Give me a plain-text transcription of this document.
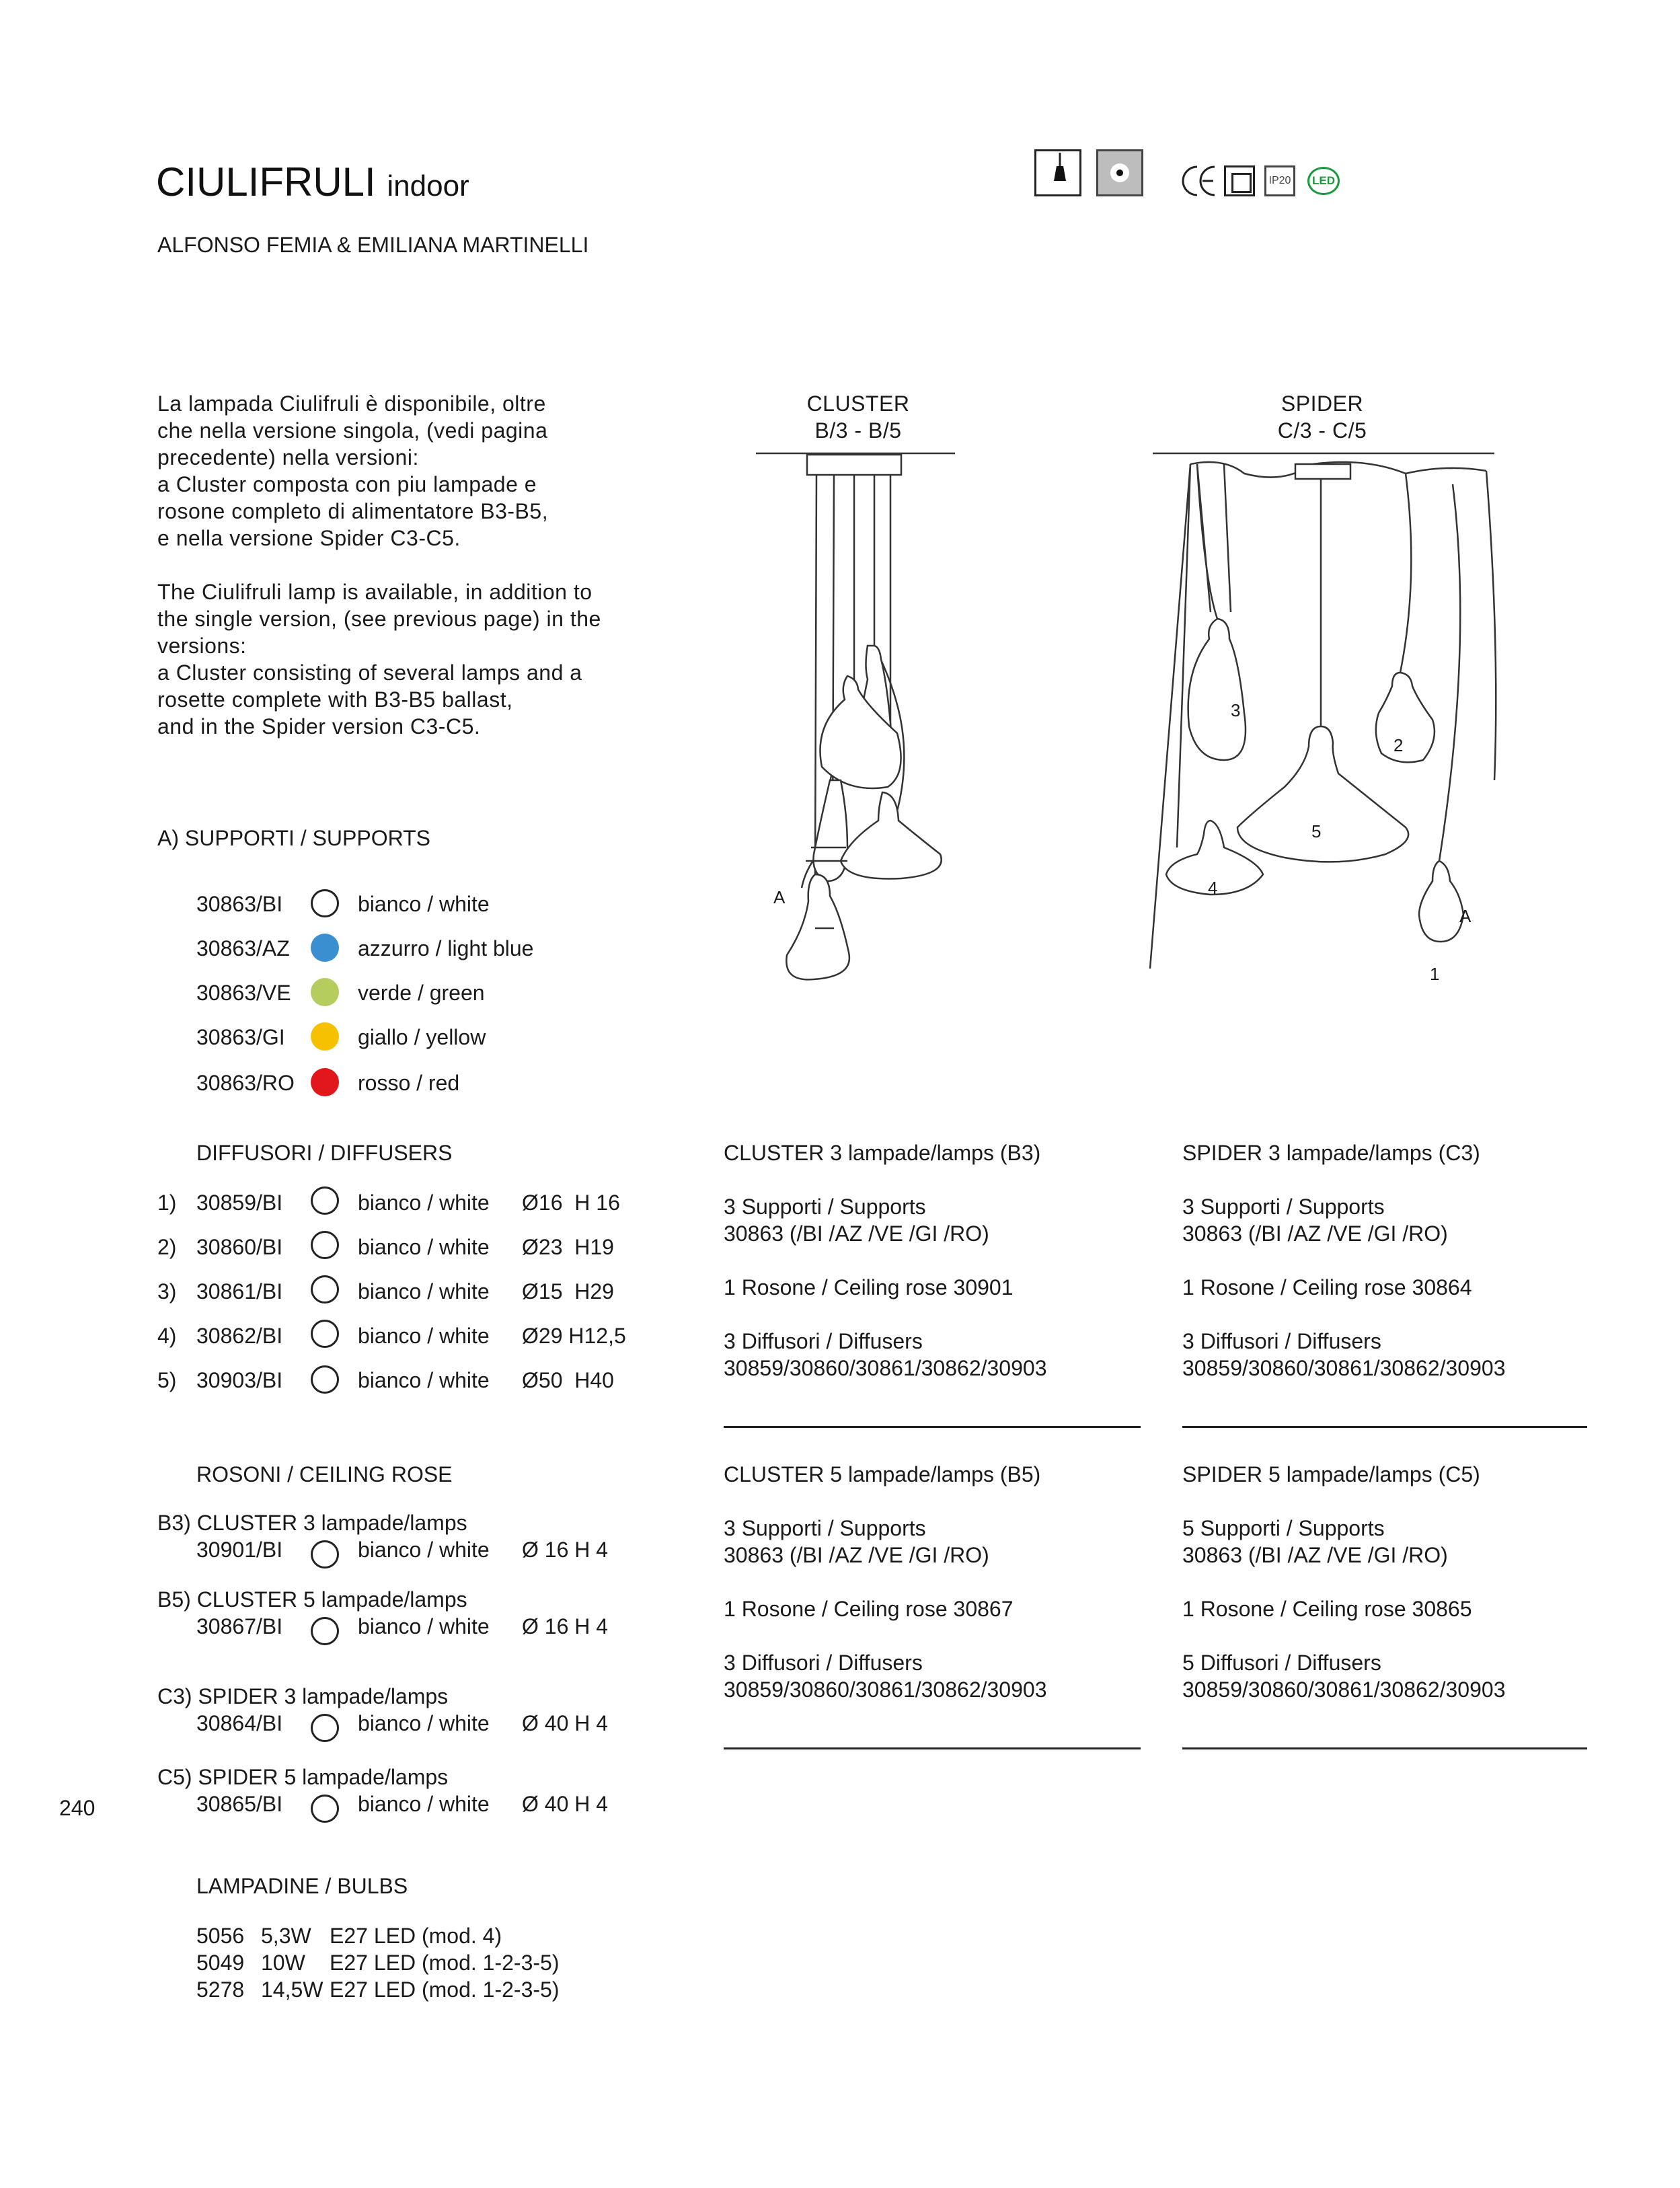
CIULIFRULI indoor
ALFONSO FEMIA & EMILIANA MARTINELLI
IP20	LED
La lampada Ciulifruli è disponibile, oltre
che nella versione singola, (vedi pagina
precedente) nella versioni:
a Cluster composta con piu lampade e
rosone completo di alimentatore B3-B5,
e nella versione Spider C3-C5.
The Ciulifruli lamp is available, in addition to
the single version, (see previous page) in the
versions:
a Cluster consisting of several lamps and a
rosette complete with B3-B5 ballast,
and in the Spider version C3-C5.
CLUSTER
B/3 - B/5
SPIDER
C/3 - C/5
A
3
2
5
4
1
A
A) SUPPORTI / SUPPORTS
30863/BI	bianco / white
30863/AZ	azzurro / light blue
30863/VE	verde / green
30863/GI	giallo / yellow
30863/RO	rosso / red
DIFFUSORI / DIFFUSERS
1) 30859/BI	bianco / white Ø16  H 16
2) 30860/BI	bianco / white Ø23  H19
3) 30861/BI	bianco / white Ø15  H29
4) 30862/BI	bianco / white Ø29 H12,5
5) 30903/BI	bianco / white Ø50  H40
ROSONI / CEILING ROSE
B3) CLUSTER 3 lampade/lamps
30901/BI	bianco / white Ø 16 H 4
B5) CLUSTER 5 lampade/lamps
30867/BI	bianco / white Ø 16 H 4
C3) SPIDER 3 lampade/lamps
30864/BI	bianco / white Ø 40 H 4
C5) SPIDER 5 lampade/lamps
30865/BI	bianco / white Ø 40 H 4
240
LAMPADINE / BULBS
5056 5,3W E27 LED (mod. 4)
5049 10W E27 LED (mod. 1-2-3-5)
5278 14,5W E27 LED (mod. 1-2-3-5)
CLUSTER 3 lampade/lamps (B3)
3 Supporti / Supports
30863 (/BI /AZ /VE /GI /RO)
1 Rosone / Ceiling rose 30901
3 Diffusori / Diffusers
30859/30860/30861/30862/30903
SPIDER 3 lampade/lamps (C3)
3 Supporti / Supports
30863 (/BI /AZ /VE /GI /RO)
1 Rosone / Ceiling rose 30864
3 Diffusori / Diffusers
30859/30860/30861/30862/30903
CLUSTER 5 lampade/lamps (B5)
3 Supporti / Supports
30863 (/BI /AZ /VE /GI /RO)
1 Rosone / Ceiling rose 30867
3 Diffusori / Diffusers
30859/30860/30861/30862/30903
SPIDER 5 lampade/lamps (C5)
5 Supporti / Supports
30863 (/BI /AZ /VE /GI /RO)
1 Rosone / Ceiling rose 30865
5 Diffusori / Diffusers
30859/30860/30861/30862/30903
